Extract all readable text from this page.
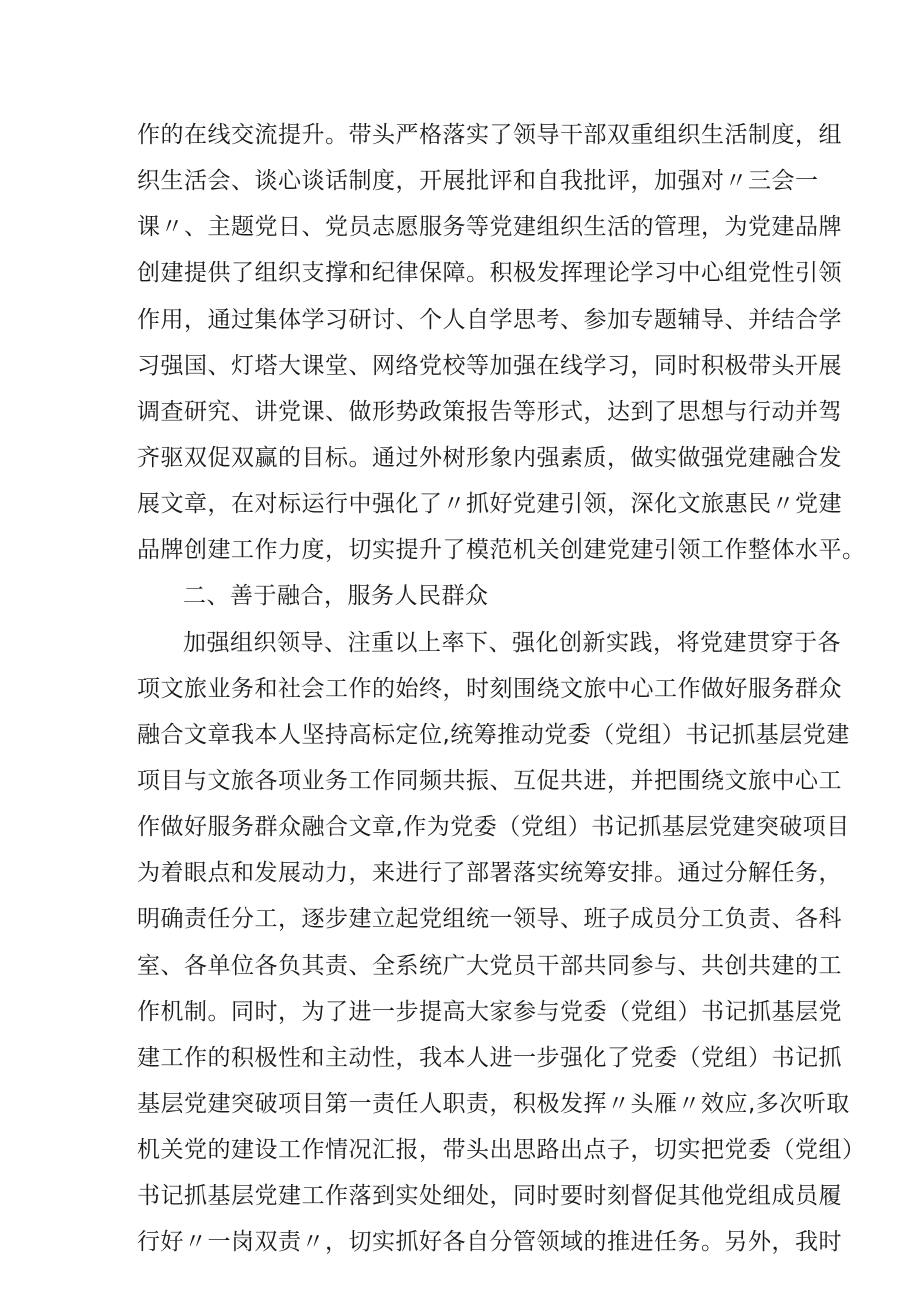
作的在线交流提升。带头严格落实了领导干部双重组织生活制度，组
织生活会、谈心谈话制度，开展批评和自我批评，加强对〃三会一
课〃、主题党日、党员志愿服务等党建组织生活的管理，为党建品牌
创建提供了组织支撑和纪律保障。积极发挥理论学习中心组党性引领
作用，通过集体学习研讨、个人自学思考、参加专题辅导、并结合学
习强国、灯塔大课堂、网络党校等加强在线学习，同时积极带头开展
调查研究、讲党课、做形势政策报告等形式，达到了思想与行动并驾
齐驱双促双赢的目标。通过外树形象内强素质，做实做强党建融合发
展文章，在对标运行中强化了〃抓好党建引领，深化文旅惠民〃党建
品牌创建工作力度，切实提升了模范机关创建党建引领工作整体水平。
二、善于融合，服务人民群众
加强组织领导、注重以上率下、强化创新实践，将党建贯穿于各
项文旅业务和社会工作的始终，时刻围绕文旅中心工作做好服务群众
融合文章我本人坚持高标定位,统筹推动党委（党组）书记抓基层党建
项目与文旅各项业务工作同频共振、互促共进，并把围绕文旅中心工
作做好服务群众融合文章,作为党委（党组）书记抓基层党建突破项目
为着眼点和发展动力，来进行了部署落实统筹安排。通过分解任务，
明确责任分工，逐步建立起党组统一领导、班子成员分工负责、各科
室、各单位各负其责、全系统广大党员干部共同参与、共创共建的工
作机制。同时，为了进一步提高大家参与党委（党组）书记抓基层党
建工作的积极性和主动性，我本人进一步强化了党委（党组）书记抓
基层党建突破项目第一责任人职责，积极发挥〃头雁〃效应,多次听取
机关党的建设工作情况汇报，带头出思路出点子，切实把党委（党组）
书记抓基层党建工作落到实处细处，同时要时刻督促其他党组成员履
行好〃一岗双责〃，切实抓好各自分管领域的推进任务。另外，我时
